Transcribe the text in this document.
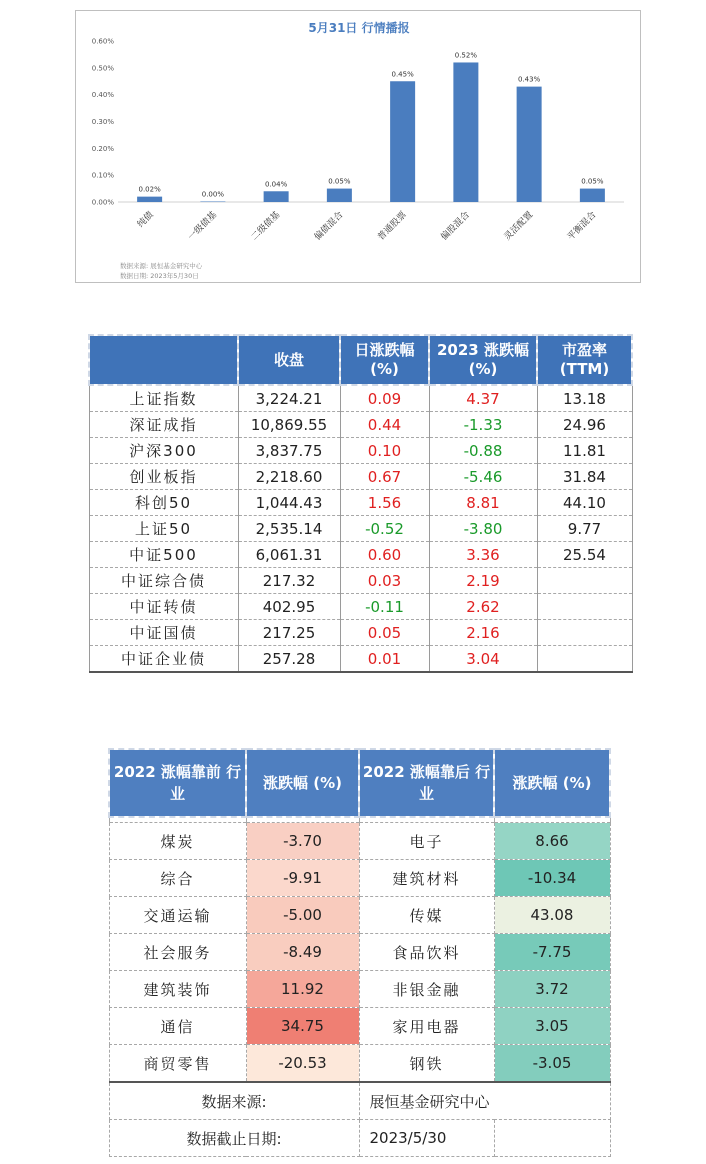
5月31日 行情播报
0.00%
0.10%
0.20%
0.30%
0.40%
0.50%
0.60%
0.02%
0.00%
0.04%	0.05%
0.45%
0.52%
0.43%
0.05%
纯债	一级债基	二级债基	偏债混合	普通股票	偏股混合	灵活配置	平衡混合
数据来源: 展恒基金研究中心
数据日期: 2023年5月30日
	收盘	日涨跌幅 (%)	2023 涨跌幅 (%)	市盈率 (TTM)
上证指数	3,224.21	0.09	4.37	13.18
深证成指	10,869.55	0.44	-1.33	24.96
沪深300	3,837.75	0.10	-0.88	11.81
创业板指	2,218.60	0.67	-5.46	31.84
科创50	1,044.43	1.56	8.81	44.10
上证50	2,535.14	-0.52	-3.80	9.77
中证500	6,061.31	0.60	3.36	25.54
中证综合债	217.32	0.03	2.19	
中证转债	402.95	-0.11	2.62	
中证国债	217.25	0.05	2.16	
中证企业债	257.28	0.01	3.04	
2022 涨幅靠前 行业	涨跌幅 (%)	2022 涨幅靠后 行业	涨跌幅 (%)

煤炭	-3.70	电子	8.66
综合	-9.91	建筑材料	-10.34
交通运输	-5.00	传媒	43.08
社会服务	-8.49	食品饮料	-7.75
建筑装饰	11.92	非银金融	3.72
通信	34.75	家用电器	3.05
商贸零售	-20.53	钢铁	-3.05
数据来源:		展恒基金研究中心	
数据截止日期:		2023/5/30	
